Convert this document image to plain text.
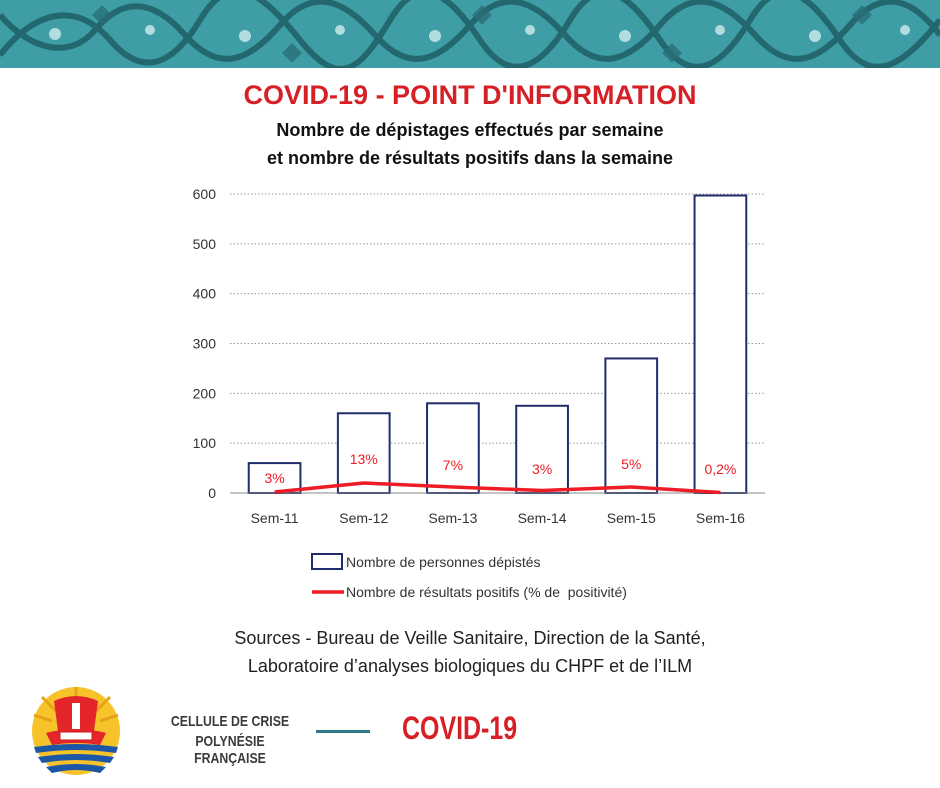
COVID-19 - POINT D'INFORMATION
Nombre de dépistages effectués par semaine
et nombre de résultats positifs dans la semaine
0
100
200
300
400
500
600
3%
13%	7%	3%	5%	0,2%
Sem-11	Sem-12	Sem-13	Sem-14	Sem-15	Sem-16
Nombre de personnes dépistés
Nombre de résultats positifs (% de  positivité)
Sources - Bureau de Veille Sanitaire, Direction de la Santé,
Laboratoire d’analyses biologiques du CHPF et de l’ILM
CELLULE DE CRISE
POLYNÉSIE FRANÇAISE
COVID-19
